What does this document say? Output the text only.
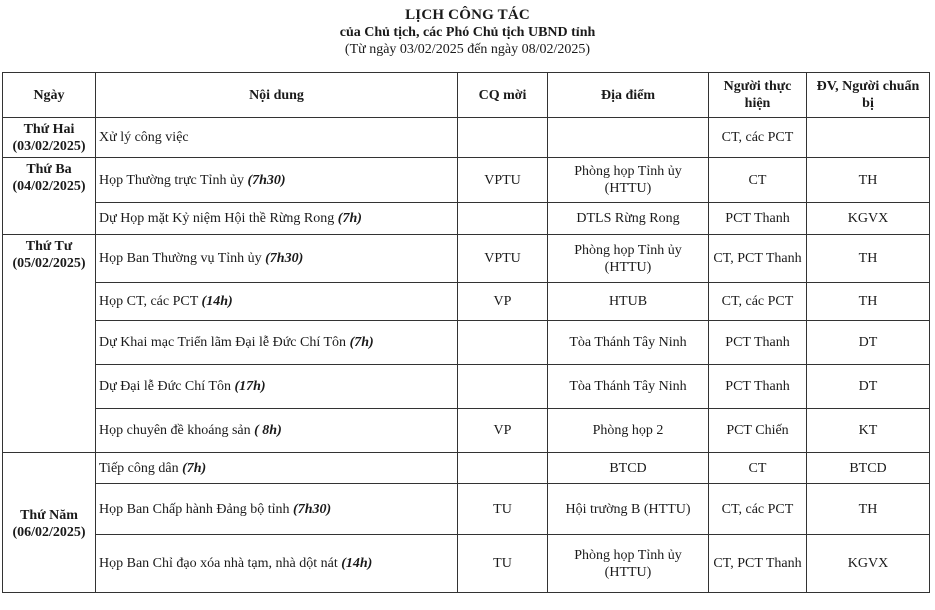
LỊCH CÔNG TÁC
của Chủ tịch, các Phó Chủ tịch UBND tỉnh
(Từ ngày 03/02/2025 đến ngày 08/02/2025)
Ngày	Nội dung	CQ mời	Địa điểm	Người thực hiện	ĐV, Người chuẩn bị

Thứ Hai
(03/02/2025)	Xử lý công việc			CT, các PCT	

Thứ Ba
(04/02/2025)	Họp Thường trực Tỉnh ủy (7h30)	VPTU	Phòng họp Tỉnh ủy (HTTU)	CT	TH
	Dự Họp mặt Kỷ niệm Hội thề Rừng Rong (7h)		DTLS Rừng Rong	PCT Thanh	KGVX

Thứ Tư
(05/02/2025)	Họp Ban Thường vụ Tỉnh ủy (7h30)	VPTU	Phòng họp Tỉnh ủy (HTTU)	CT, PCT Thanh	TH
	Họp CT, các PCT (14h)	VP	HTUB	CT, các PCT	TH
	Dự Khai mạc Triển lãm Đại lễ Đức Chí Tôn (7h)		Tòa Thánh Tây Ninh	PCT Thanh	DT
	Dự Đại lễ Đức Chí Tôn (17h)		Tòa Thánh Tây Ninh	PCT Thanh	DT
	Họp chuyên đề khoáng sản ( 8h)	VP	Phòng họp 2	PCT Chiến	KT

Thứ Năm
(06/02/2025)	Tiếp công dân (7h)		BTCD	CT	BTCD
	Họp Ban Chấp hành Đảng bộ tỉnh (7h30)	TU	Hội trường B (HTTU)	CT, các PCT	TH
	Họp Ban Chỉ đạo xóa nhà tạm, nhà dột nát (14h)	TU	Phòng họp Tỉnh ủy (HTTU)	CT, PCT Thanh	KGVX
